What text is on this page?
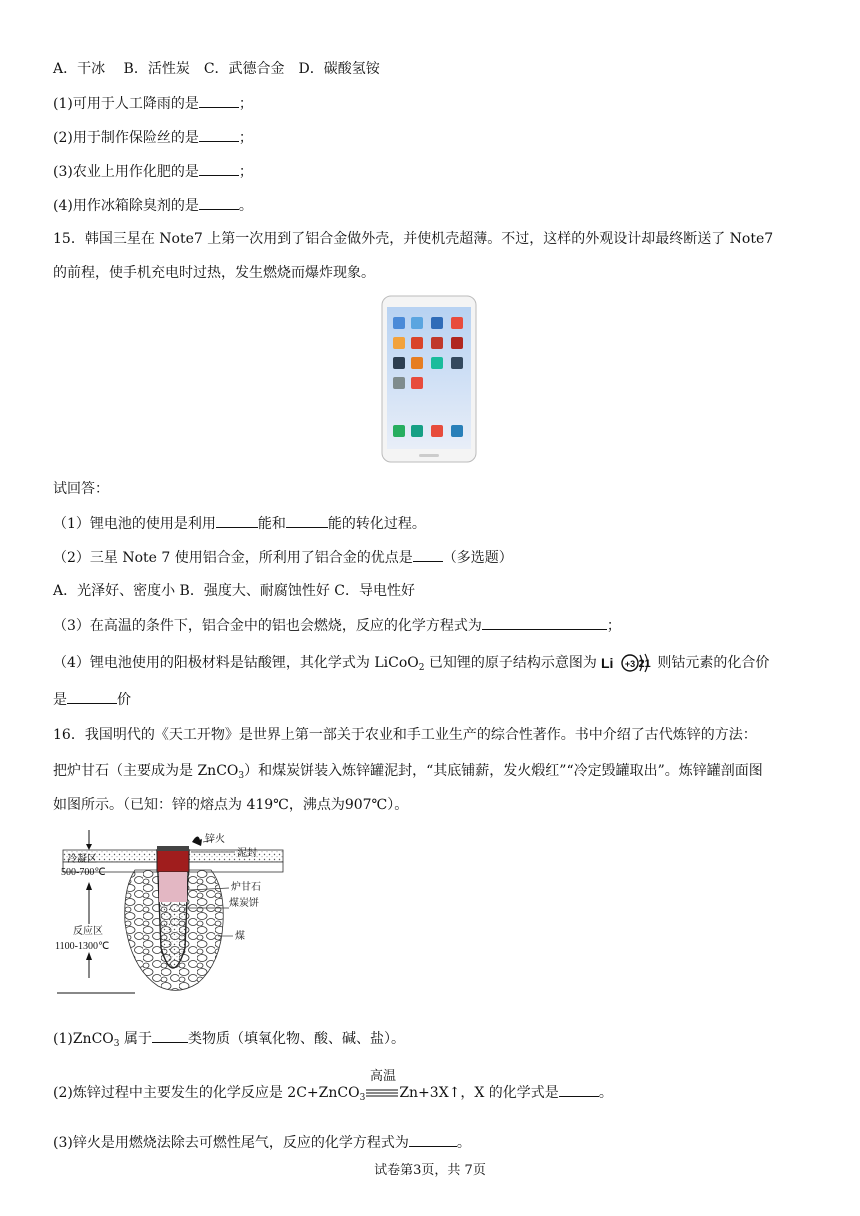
A．干冰　 B．活性炭　C．武德合金　D．碳酸氢铵
(1)可用于人工降雨的是	；
(2)用于制作保险丝的是	；
(3)农业上用作化肥的是	；
(4)用作冰箱除臭剂的是	。
15．韩国三星在 Note7 上第一次用到了铝合金做外壳，并使机壳超薄。不过，这样的外观设计却最终断送了 Note7
的前程，使手机充电时过热，发生燃烧而爆炸现象。
试回答：
（1）锂电池的使用是利用	能和	能的转化过程。
（2）三星 Note 7 使用铝合金，所利用了铝合金的优点是 （多选题）
A．光泽好、密度小 B．强度大、耐腐蚀性好 C．导电性好
（3）在高温的条件下，铝合金中的铝也会燃烧，反应的化学方程式为	；
（4）锂电池使用的阳极材料是钴酸锂，其化学式为 LiCoO$_2$ 已知锂的原子结构示意图为 Li +3 21 则钴元素的化合价
是	价
16．我国明代的《天工开物》是世界上第一部关于农业和手工业生产的综合性著作。书中介绍了古代炼锌的方法：
把炉甘石（主要成为是 ZnCO$_3$）和煤炭饼装入炼锌罐泥封，“其底铺薪，发火煅红”“冷定毁罐取出”。炼锌罐剖面图
如图所示。（已知：锌的熔点为 419℃，沸点为907℃）。
锌火
泥封
冷凝区
500-700℃
炉甘石
煤炭饼
反应区
1100-1300℃
煤
(1)ZnCO$_3$ 属于	类物质（填氧化物、酸、碱、盐）。
高温
(2)炼锌过程中主要发生的化学反应是 2C+ZnCO$_3$ Zn+3X↑，X 的化学式是	。
(3)锌火是用燃烧法除去可燃性尾气，反应的化学方程式为	。
试卷第3页，共 7页
